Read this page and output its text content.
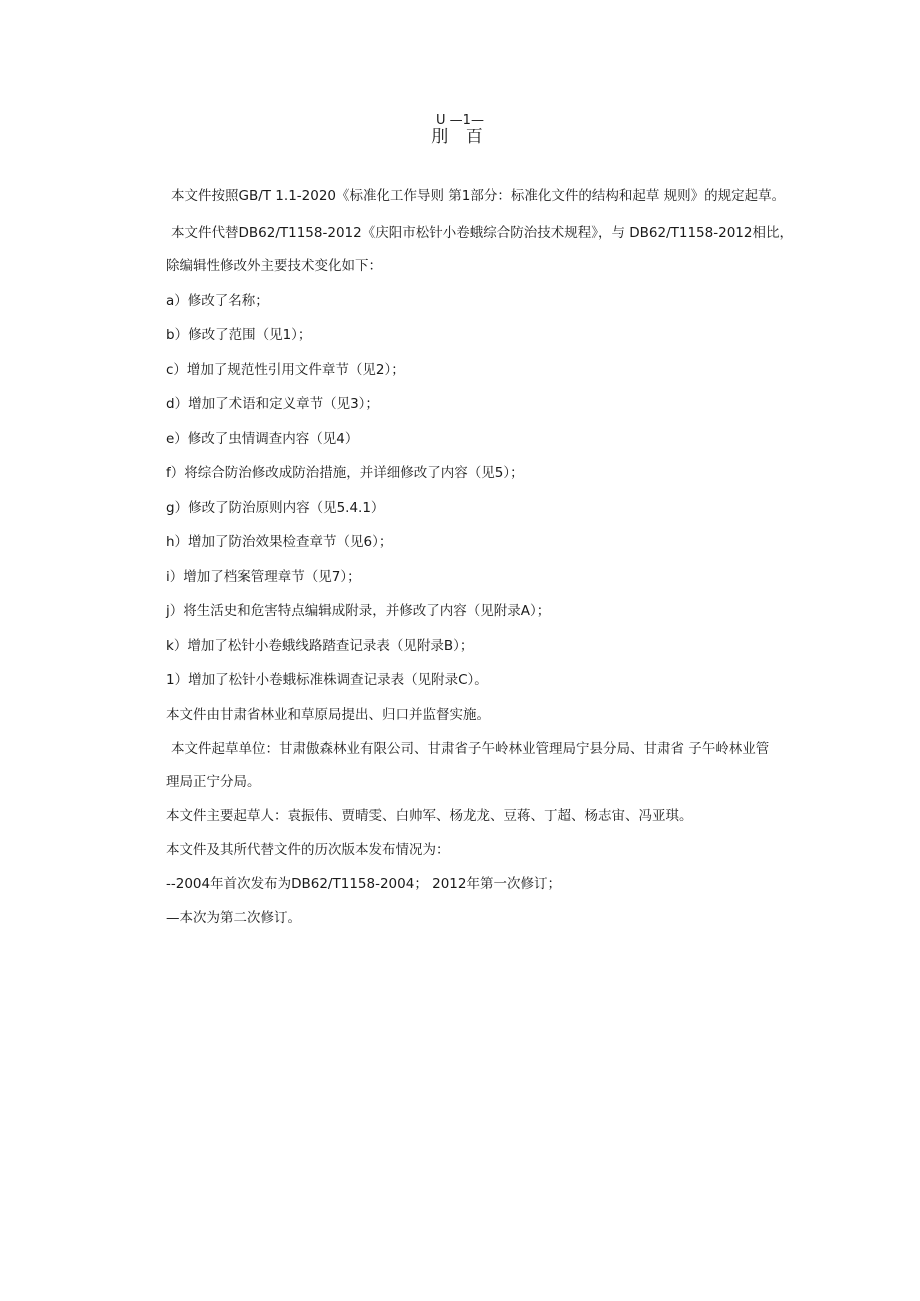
U —1—
刖 百
本文件按照GB/T 1.1-2020《标准化工作导则 第1部分：标准化文件的结构和起草 规则》的规定起草。
本文件代替DB62/T1158-2012《庆阳市松针小卷蛾综合防治技术规程》，与 DB62/T1158-2012相比，
除编辑性修改外主要技术变化如下：
a）修改了名称；
b）修改了范围（见1）；
c）增加了规范性引用文件章节（见2）；
d）增加了术语和定义章节（见3）；
e）修改了虫情调查内容（见4）
f）将综合防治修改成防治措施，并详细修改了内容（见5）；
g）修改了防治原则内容（见5.4.1）
h）增加了防治效果检查章节（见6）；
i）增加了档案管理章节（见7）；
j）将生活史和危害特点编辑成附录，并修改了内容（见附录A）；
k）增加了松针小卷蛾线路踏查记录表（见附录B）；
1）增加了松针小卷蛾标准株调查记录表（见附录C）。
本文件由甘肃省林业和草原局提出、归口并监督实施。
本文件起草单位：甘肃傲森林业有限公司、甘肃省子午岭林业管理局宁县分局、甘肃省 子午岭林业管
理局正宁分局。
本文件主要起草人：袁振伟、贾晴雯、白帅军、杨龙龙、豆蒋、丁超、杨志宙、冯亚琪。
本文件及其所代替文件的历次版本发布情况为：
--2004年首次发布为DB62/T1158-2004； 2012年第一次修订；
—本次为第二次修订。
